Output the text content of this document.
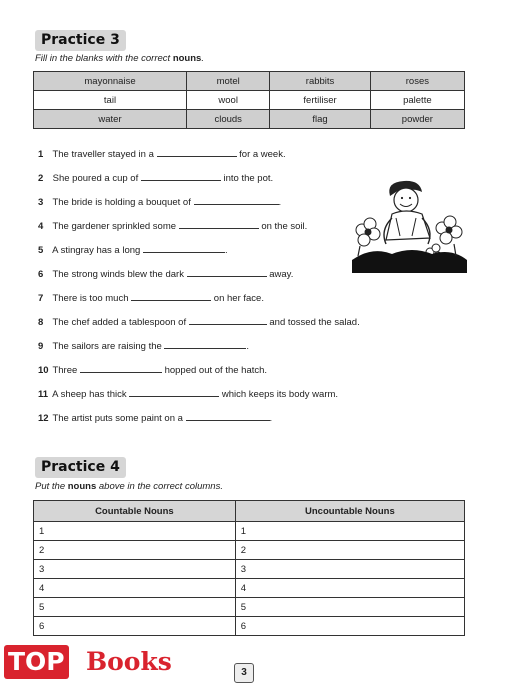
Practice 3
Fill in the blanks with the correct nouns.
mayonnaise	motel	rabbits	roses
tail	wool	fertiliser	palette
water	clouds	flag	powder
1 The traveller stayed in a	for a week.
2 She poured a cup of	into the pot.
3 The bride is holding a bouquet of	.
4 The gardener sprinkled some	on the soil.
5 A stingray has a long	.
6 The strong winds blew the dark	away.
7 There is too much	on her face.
8 The chef added a tablespoon of	and tossed the salad.
9 The sailors are raising the	.
10 Three	hopped out of the hatch.
11 A sheep has thick	which keeps its body warm.
12 The artist puts some paint on a	.
Practice 4
Put the nouns above in the correct columns.
Countable Nouns	Uncountable Nouns
1	1
2	2
3	3
4	4
5	5
6	6
TOP Books	3
